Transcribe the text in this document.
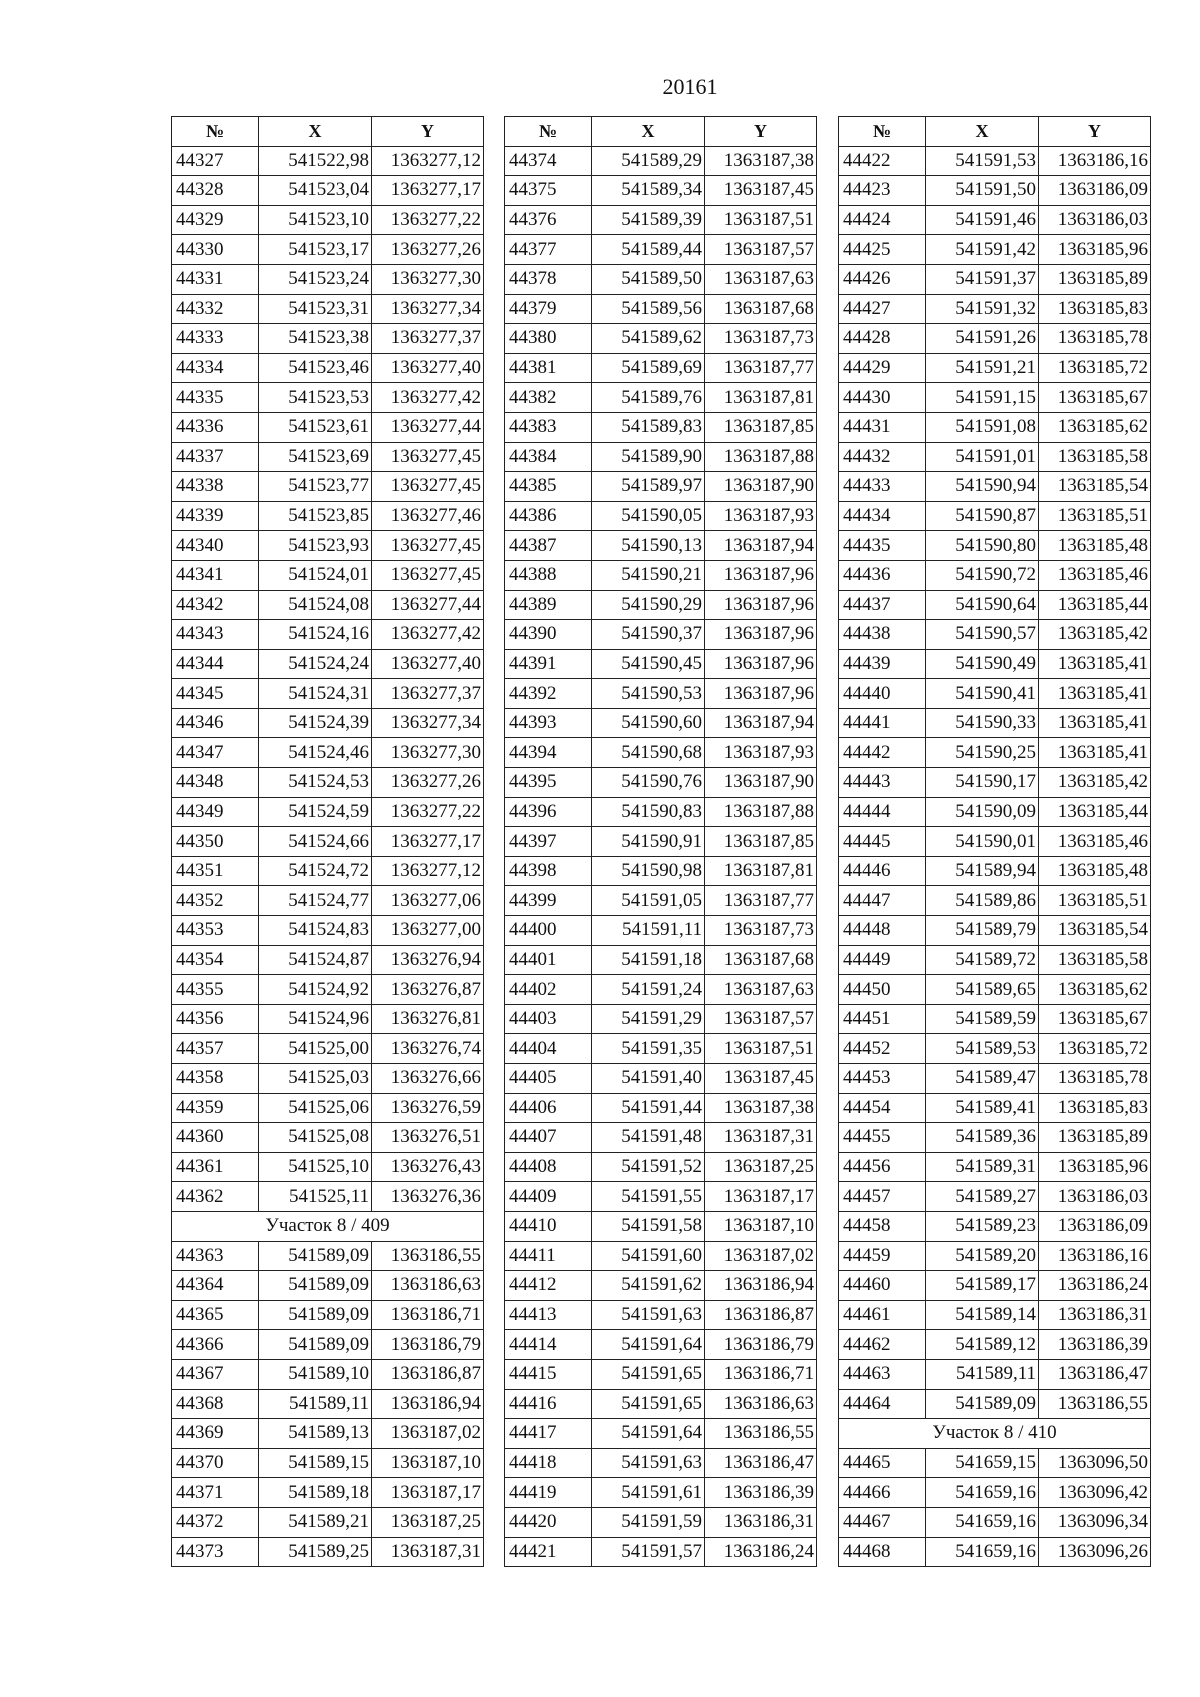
20161
№	X	Y
44327	541522,98	1363277,12
44328	541523,04	1363277,17
44329	541523,10	1363277,22
44330	541523,17	1363277,26
44331	541523,24	1363277,30
44332	541523,31	1363277,34
44333	541523,38	1363277,37
44334	541523,46	1363277,40
44335	541523,53	1363277,42
44336	541523,61	1363277,44
44337	541523,69	1363277,45
44338	541523,77	1363277,45
44339	541523,85	1363277,46
44340	541523,93	1363277,45
44341	541524,01	1363277,45
44342	541524,08	1363277,44
44343	541524,16	1363277,42
44344	541524,24	1363277,40
44345	541524,31	1363277,37
44346	541524,39	1363277,34
44347	541524,46	1363277,30
44348	541524,53	1363277,26
44349	541524,59	1363277,22
44350	541524,66	1363277,17
44351	541524,72	1363277,12
44352	541524,77	1363277,06
44353	541524,83	1363277,00
44354	541524,87	1363276,94
44355	541524,92	1363276,87
44356	541524,96	1363276,81
44357	541525,00	1363276,74
44358	541525,03	1363276,66
44359	541525,06	1363276,59
44360	541525,08	1363276,51
44361	541525,10	1363276,43
44362	541525,11	1363276,36
Участок 8 / 409		
44363	541589,09	1363186,55
44364	541589,09	1363186,63
44365	541589,09	1363186,71
44366	541589,09	1363186,79
44367	541589,10	1363186,87
44368	541589,11	1363186,94
44369	541589,13	1363187,02
44370	541589,15	1363187,10
44371	541589,18	1363187,17
44372	541589,21	1363187,25
44373	541589,25	1363187,31
№	X	Y
44374	541589,29	1363187,38
44375	541589,34	1363187,45
44376	541589,39	1363187,51
44377	541589,44	1363187,57
44378	541589,50	1363187,63
44379	541589,56	1363187,68
44380	541589,62	1363187,73
44381	541589,69	1363187,77
44382	541589,76	1363187,81
44383	541589,83	1363187,85
44384	541589,90	1363187,88
44385	541589,97	1363187,90
44386	541590,05	1363187,93
44387	541590,13	1363187,94
44388	541590,21	1363187,96
44389	541590,29	1363187,96
44390	541590,37	1363187,96
44391	541590,45	1363187,96
44392	541590,53	1363187,96
44393	541590,60	1363187,94
44394	541590,68	1363187,93
44395	541590,76	1363187,90
44396	541590,83	1363187,88
44397	541590,91	1363187,85
44398	541590,98	1363187,81
44399	541591,05	1363187,77
44400	541591,11	1363187,73
44401	541591,18	1363187,68
44402	541591,24	1363187,63
44403	541591,29	1363187,57
44404	541591,35	1363187,51
44405	541591,40	1363187,45
44406	541591,44	1363187,38
44407	541591,48	1363187,31
44408	541591,52	1363187,25
44409	541591,55	1363187,17
44410	541591,58	1363187,10
44411	541591,60	1363187,02
44412	541591,62	1363186,94
44413	541591,63	1363186,87
44414	541591,64	1363186,79
44415	541591,65	1363186,71
44416	541591,65	1363186,63
44417	541591,64	1363186,55
44418	541591,63	1363186,47
44419	541591,61	1363186,39
44420	541591,59	1363186,31
44421	541591,57	1363186,24
№	X	Y
44422	541591,53	1363186,16
44423	541591,50	1363186,09
44424	541591,46	1363186,03
44425	541591,42	1363185,96
44426	541591,37	1363185,89
44427	541591,32	1363185,83
44428	541591,26	1363185,78
44429	541591,21	1363185,72
44430	541591,15	1363185,67
44431	541591,08	1363185,62
44432	541591,01	1363185,58
44433	541590,94	1363185,54
44434	541590,87	1363185,51
44435	541590,80	1363185,48
44436	541590,72	1363185,46
44437	541590,64	1363185,44
44438	541590,57	1363185,42
44439	541590,49	1363185,41
44440	541590,41	1363185,41
44441	541590,33	1363185,41
44442	541590,25	1363185,41
44443	541590,17	1363185,42
44444	541590,09	1363185,44
44445	541590,01	1363185,46
44446	541589,94	1363185,48
44447	541589,86	1363185,51
44448	541589,79	1363185,54
44449	541589,72	1363185,58
44450	541589,65	1363185,62
44451	541589,59	1363185,67
44452	541589,53	1363185,72
44453	541589,47	1363185,78
44454	541589,41	1363185,83
44455	541589,36	1363185,89
44456	541589,31	1363185,96
44457	541589,27	1363186,03
44458	541589,23	1363186,09
44459	541589,20	1363186,16
44460	541589,17	1363186,24
44461	541589,14	1363186,31
44462	541589,12	1363186,39
44463	541589,11	1363186,47
44464	541589,09	1363186,55
Участок 8 / 410		
44465	541659,15	1363096,50
44466	541659,16	1363096,42
44467	541659,16	1363096,34
44468	541659,16	1363096,26
